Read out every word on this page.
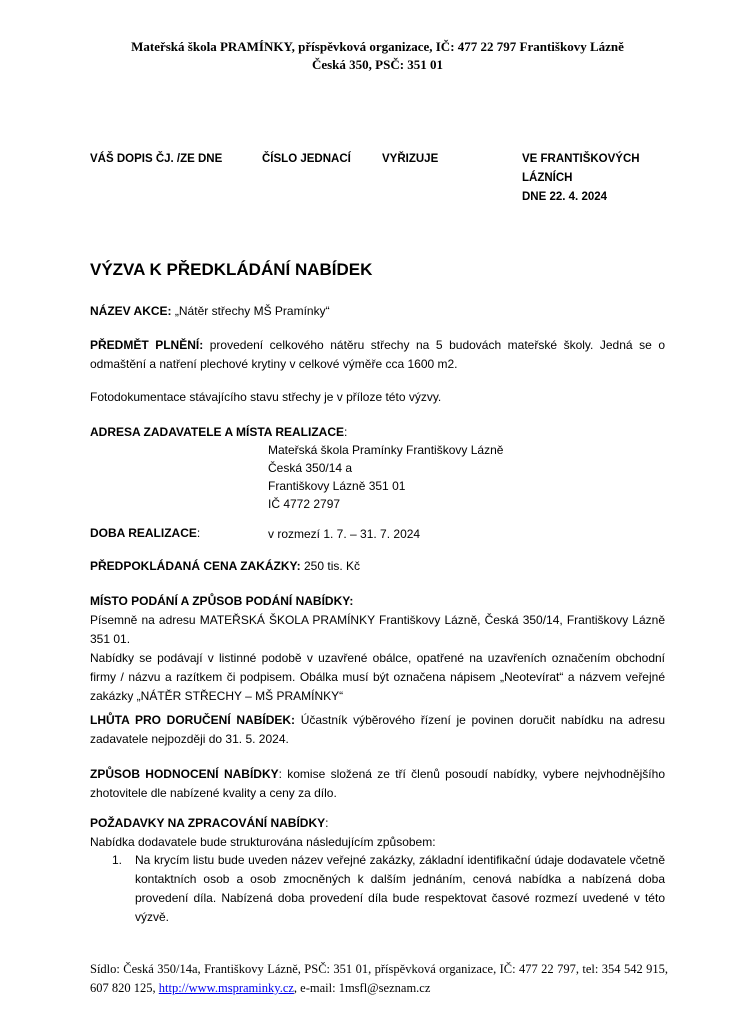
Mateřská škola PRAMÍNKY, příspěvková organizace, IČ: 477 22 797 Františkovy Lázně
Česká 350, PSČ: 351 01
VÁŠ DOPIS ČJ. /ZE DNE	ČÍSLO JEDNACÍ	VYŘIZUJE	VE FRANTIŠKOVÝCH
LÁZNÍCH
DNE 22. 4. 2024
VÝZVA K PŘEDKLÁDÁNÍ NABÍDEK
NÁZEV AKCE: „Nátěr střechy MŠ Pramínky“
PŘEDMĚT PLNĚNÍ: provedení celkového nátěru střechy na 5 budovách mateřské školy. Jedná se o odmaštění a natření plechové krytiny v celkové výměře cca 1600 m2.
Fotodokumentace stávajícího stavu střechy je v příloze této výzvy.
ADRESA ZADAVATELE A MÍSTA REALIZACE:
Mateřská škola Pramínky Františkovy Lázně
Česká 350/14 a
Františkovy Lázně 351 01
IČ 4772 2797
DOBA REALIZACE:	v rozmezí 1. 7. – 31. 7. 2024
PŘEDPOKLÁDANÁ CENA ZAKÁZKY: 250 tis. Kč
MÍSTO PODÁNÍ A ZPŮSOB PODÁNÍ NABÍDKY:
Písemně na adresu MATEŘSKÁ ŠKOLA PRAMÍNKY Františkovy Lázně, Česká 350/14, Františkovy Lázně 351 01.
Nabídky se podávají v listinné podobě v uzavřené obálce, opatřené na uzavřeních označením obchodní firmy / názvu a razítkem či podpisem. Obálka musí být označena nápisem „Neotevírat“ a názvem veřejné zakázky „NÁTĚR STŘECHY – MŠ PRAMÍNKY“
LHŮTA PRO DORUČENÍ NABÍDEK: Účastník výběrového řízení je povinen doručit nabídku na adresu zadavatele nejpozději do 31. 5. 2024.
ZPŮSOB HODNOCENÍ NABÍDKY: komise složená ze tří členů posoudí nabídky, vybere nejvhodnějšího zhotovitele dle nabízené kvality a ceny za dílo.
POŽADAVKY NA ZPRACOVÁNÍ NABÍDKY:
Nabídka dodavatele bude strukturována následujícím způsobem:
1. Na krycím listu bude uveden název veřejné zakázky, základní identifikační údaje dodavatele včetně kontaktních osob a osob zmocněných k dalším jednáním, cenová nabídka a nabízená doba provedení díla. Nabízená doba provedení díla bude respektovat časové rozmezí uvedené v této výzvě.
Sídlo: Česká 350/14a, Františkovy Lázně, PSČ: 351 01, příspěvková organizace, IČ: 477 22 797, tel: 354 542 915, 607 820 125, http://www.mspraminky.cz, e-mail: 1msfl@seznam.cz
